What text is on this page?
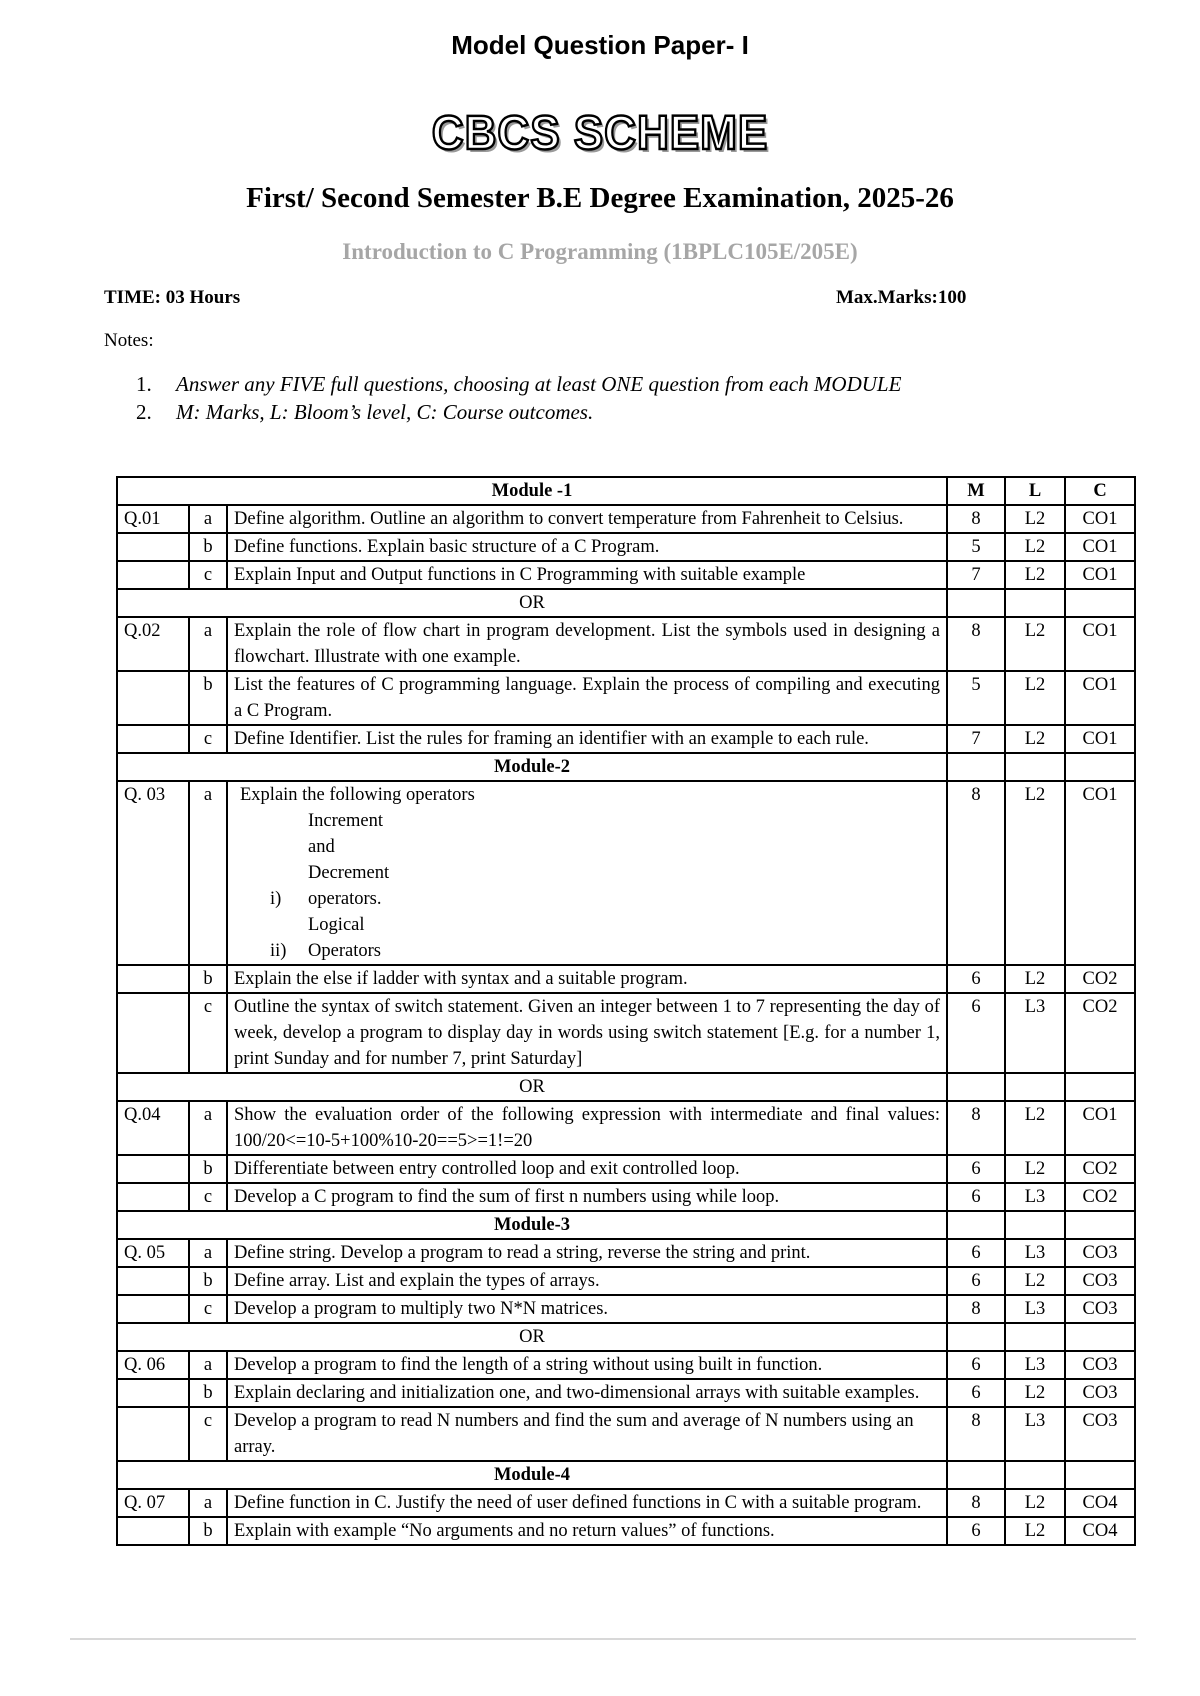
Model Question Paper- I
CBCS SCHEME
First/ Second Semester B.E Degree Examination, 2025-26
Introduction to C Programming (1BPLC105E/205E)
TIME: 03 Hours	Max.Marks:100
Notes:
1. Answer any FIVE full questions, choosing at least ONE question from each MODULE
2. M: Marks, L: Bloom’s level, C: Course outcomes.
Module -1			M	L	C
Q.01	a	Define algorithm. Outline an algorithm to convert temperature from Fahrenheit to Celsius.	8	L2	CO1
	b	Define functions. Explain basic structure of a C Program.	5	L2	CO1
	c	Explain Input and Output functions in C Programming with suitable example	7	L2	CO1
OR					
Q.02	a	Explain the role of flow chart in program development. List the symbols used in designing a flowchart. Illustrate with one example.	8	L2	CO1
	b	List the features of C programming language. Explain the process of compiling and executing a C Program.	5	L2	CO1
	c	Define Identifier. List the rules for framing an identifier with an example to each rule.	7	L2	CO1
Module-2					
Q. 03	a	Explain the following operators
i)Increment and Decrement operators.
ii)Logical Operators	8	L2	CO1
	b	Explain the else if ladder with syntax and a suitable program.	6	L2	CO2
	c	Outline the syntax of switch statement. Given an integer between 1 to 7 representing the day of week, develop a program to display day in words using switch statement [E.g. for a number 1, print Sunday and for number 7, print Saturday]	6	L3	CO2
OR					
Q.04	a	Show the evaluation order of the following expression with intermediate and final values: 100/20<=10-5+100%10-20==5>=1!=20	8	L2	CO1
	b	Differentiate between entry controlled loop and exit controlled loop.	6	L2	CO2
	c	Develop a C program to find the sum of first n numbers using while loop.	6	L3	CO2
Module-3					
Q. 05	a	Define string. Develop a program to read a string, reverse the string and print.	6	L3	CO3
	b	Define array. List and explain the types of arrays.	6	L2	CO3
	c	Develop a program to multiply two N*N matrices.	8	L3	CO3
OR					
Q. 06	a	Develop a program to find the length of a string without using built in function.	6	L3	CO3
	b	Explain declaring and initialization one, and two-dimensional arrays with suitable examples.	6	L2	CO3
	c	Develop a program to read N numbers and find the sum and average of N numbers using an array.	8	L3	CO3
Module-4					
Q. 07	a	Define function in C. Justify the need of user defined functions in C with a suitable program.	8	L2	CO4
	b	Explain with example “No arguments and no return values” of functions.	6	L2	CO4
